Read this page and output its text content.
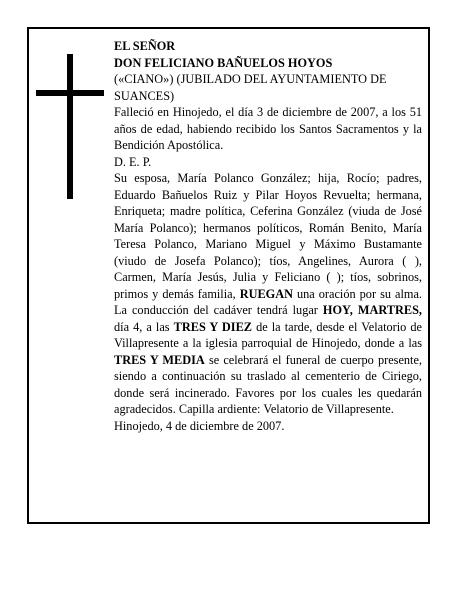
EL SEÑOR

DON FELICIANO BAÑUELOS HOYOS

(«CIANO») (JUBILADO DEL AYUNTAMIENTO DE SUANCES)

Falleció en Hinojedo, el día 3 de diciembre de 2007, a los 51 años de edad, habiendo recibido los Santos Sacramentos y la Bendición Apostólica.

D. E. P.

Su esposa, María Polanco González; hija, Rocío; padres, Eduardo Bañuelos Ruiz y Pilar Hoyos Revuelta; hermana, Enriqueta; madre política, Ceferina González (viuda de José María Polanco); hermanos políticos, Román Benito, María Teresa Polanco, Mariano Miguel y Máximo Bustamante (viudo de Josefa Polanco); tíos, Angelines, Aurora ( ), Carmen, María Jesús, Julia y Feliciano ( ); tíos, sobrinos, primos y demás familia, RUEGAN una oración por su alma. La conducción del cadáver tendrá lugar HOY, MARTRES, día 4, a las TRES Y DIEZ de la tarde, desde el Velatorio de Villapresente a la iglesia parroquial de Hinojedo, donde a las TRES Y MEDIA se celebrará el funeral de cuerpo presente, siendo a continuación su traslado al cementerio de Ciriego, donde será incinerado. Favores por los cuales les quedarán agradecidos. Capilla ardiente: Velatorio de Villapresente.

Hinojedo, 4 de diciembre de 2007.
